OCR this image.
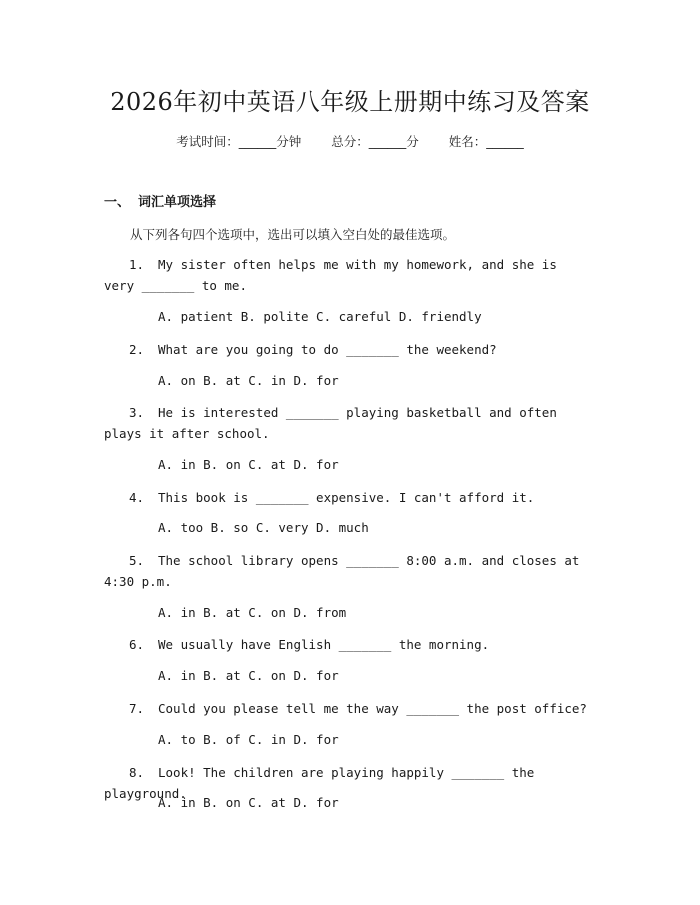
2026年初中英语八年级上册期中练习及答案
考试时间：______分钟 总分：______分 姓名：______
一、 词汇单项选择
从下列各句四个选项中，选出可以填入空白处的最佳选项。
1. My sister often helps me with my homework, and she is very _______ to me.
A. patient B. polite C. careful D. friendly
2. What are you going to do _______ the weekend?
A. on B. at C. in D. for
3. He is interested _______ playing basketball and often plays it after school.
A. in B. on C. at D. for
4. This book is _______ expensive. I can't afford it.
A. too B. so C. very D. much
5. The school library opens _______ 8:00 a.m. and closes at 4:30 p.m.
A. in B. at C. on D. from
6. We usually have English _______ the morning.
A. in B. at C. on D. for
7. Could you please tell me the way _______ the post office?
A. to B. of C. in D. for
8. Look! The children are playing happily _______ the playground.
A. in B. on C. at D. for
